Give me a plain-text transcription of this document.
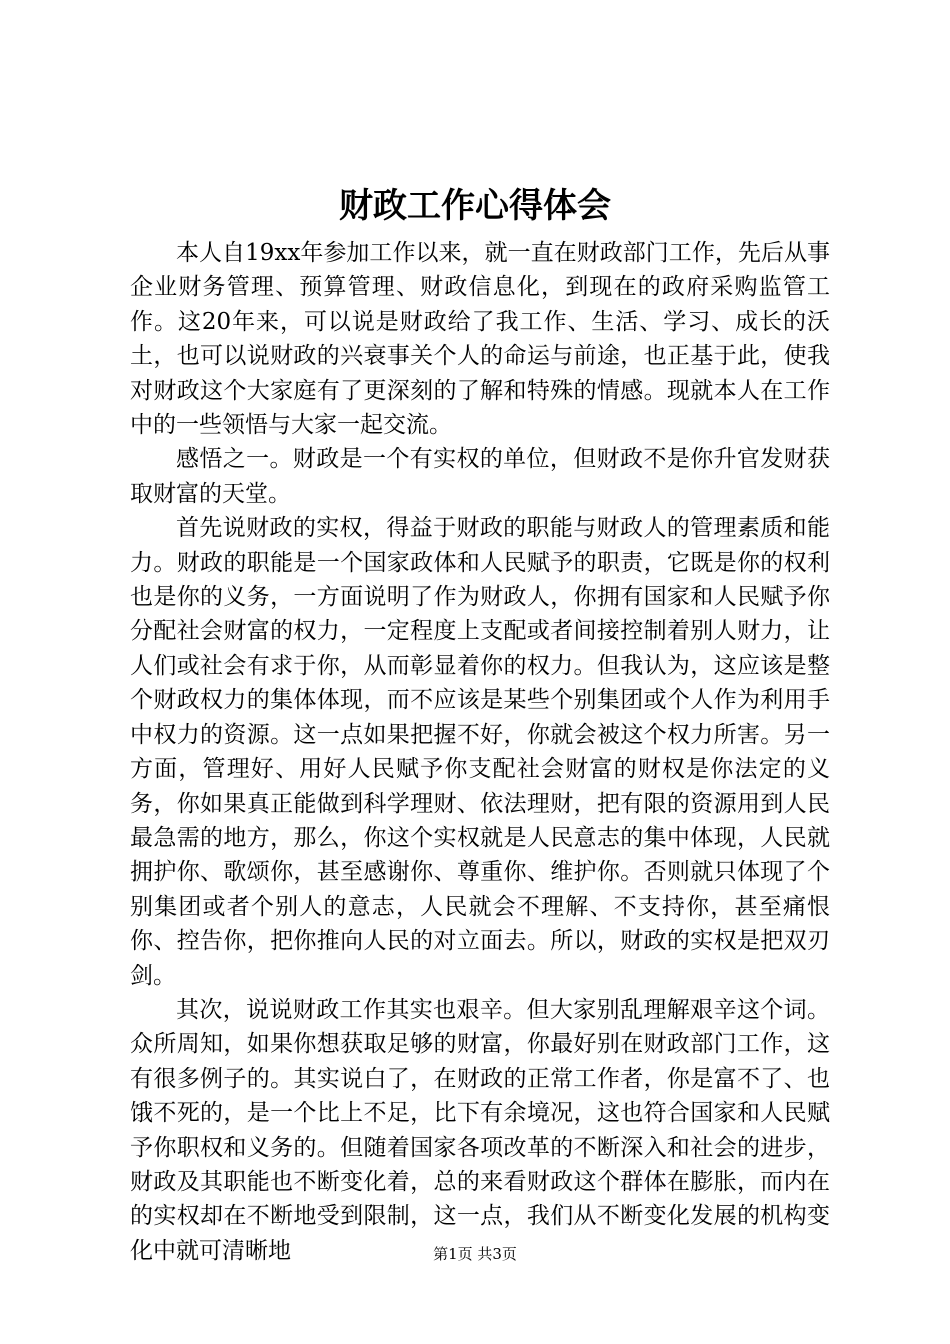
财政工作心得体会

本人自19xx年参加工作以来，就一直在财政部门工作，先后从事企业财务管理、预算管理、财政信息化，到现在的政府采购监管工作。这20年来，可以说是财政给了我工作、生活、学习、成长的沃土，也可以说财政的兴衰事关个人的命运与前途，也正基于此，使我对财政这个大家庭有了更深刻的了解和特殊的情感。现就本人在工作中的一些领悟与大家一起交流。

感悟之一。财政是一个有实权的单位，但财政不是你升官发财获取财富的天堂。

首先说财政的实权，得益于财政的职能与财政人的管理素质和能力。财政的职能是一个国家政体和人民赋予的职责，它既是你的权利也是你的义务，一方面说明了作为财政人，你拥有国家和人民赋予你分配社会财富的权力，一定程度上支配或者间接控制着别人财力，让人们或社会有求于你，从而彰显着你的权力。但我认为，这应该是整个财政权力的集体体现，而不应该是某些个别集团或个人作为利用手中权力的资源。这一点如果把握不好，你就会被这个权力所害。另一方面，管理好、用好人民赋予你支配社会财富的财权是你法定的义务，你如果真正能做到科学理财、依法理财，把有限的资源用到人民最急需的地方，那么，你这个实权就是人民意志的集中体现，人民就拥护你、歌颂你，甚至感谢你、尊重你、维护你。否则就只体现了个别集团或者个别人的意志，人民就会不理解、不支持你，甚至痛恨你、控告你，把你推向人民的对立面去。所以，财政的实权是把双刃剑。

其次，说说财政工作其实也艰辛。但大家别乱理解艰辛这个词。众所周知，如果你想获取足够的财富，你最好别在财政部门工作，这有很多例子的。其实说白了，在财政的正常工作者，你是富不了、也饿不死的，是一个比上不足，比下有余境况，这也符合国家和人民赋予你职权和义务的。但随着国家各项改革的不断深入和社会的进步，财政及其职能也不断变化着，总的来看财政这个群体在膨胀，而内在的实权却在不断地受到限制，这一点，我们从不断变化发展的机构变化中就可清晰地	第1页 共3页
